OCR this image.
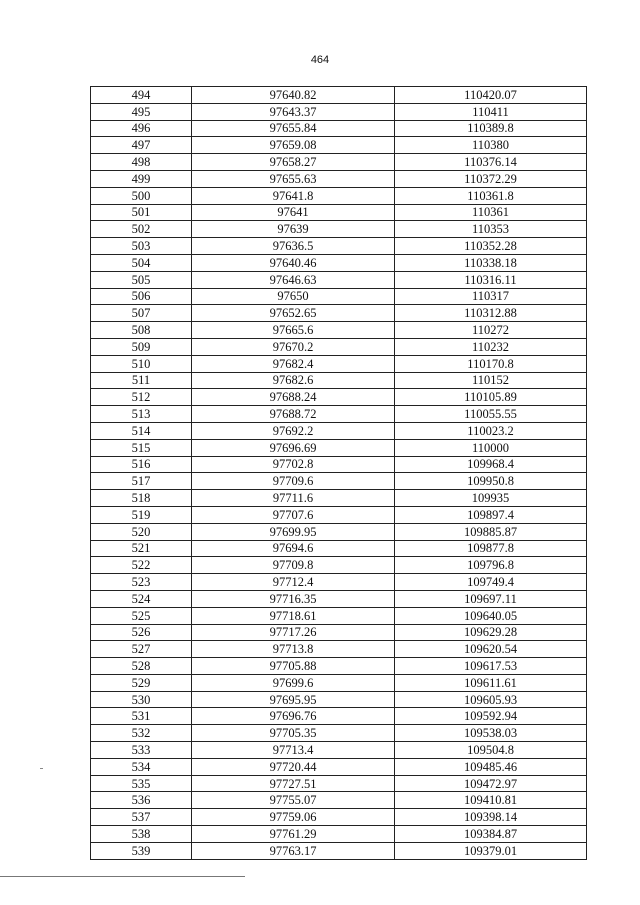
464
494	97640.82	110420.07
495	97643.37	110411
496	97655.84	110389.8
497	97659.08	110380
498	97658.27	110376.14
499	97655.63	110372.29
500	97641.8	110361.8
501	97641	110361
502	97639	110353
503	97636.5	110352.28
504	97640.46	110338.18
505	97646.63	110316.11
506	97650	110317
507	97652.65	110312.88
508	97665.6	110272
509	97670.2	110232
510	97682.4	110170.8
511	97682.6	110152
512	97688.24	110105.89
513	97688.72	110055.55
514	97692.2	110023.2
515	97696.69	110000
516	97702.8	109968.4
517	97709.6	109950.8
518	97711.6	109935
519	97707.6	109897.4
520	97699.95	109885.87
521	97694.6	109877.8
522	97709.8	109796.8
523	97712.4	109749.4
524	97716.35	109697.11
525	97718.61	109640.05
526	97717.26	109629.28
527	97713.8	109620.54
528	97705.88	109617.53
529	97699.6	109611.61
530	97695.95	109605.93
531	97696.76	109592.94
532	97705.35	109538.03
533	97713.4	109504.8
534	97720.44	109485.46
535	97727.51	109472.97
536	97755.07	109410.81
537	97759.06	109398.14
538	97761.29	109384.87
539	97763.17	109379.01
